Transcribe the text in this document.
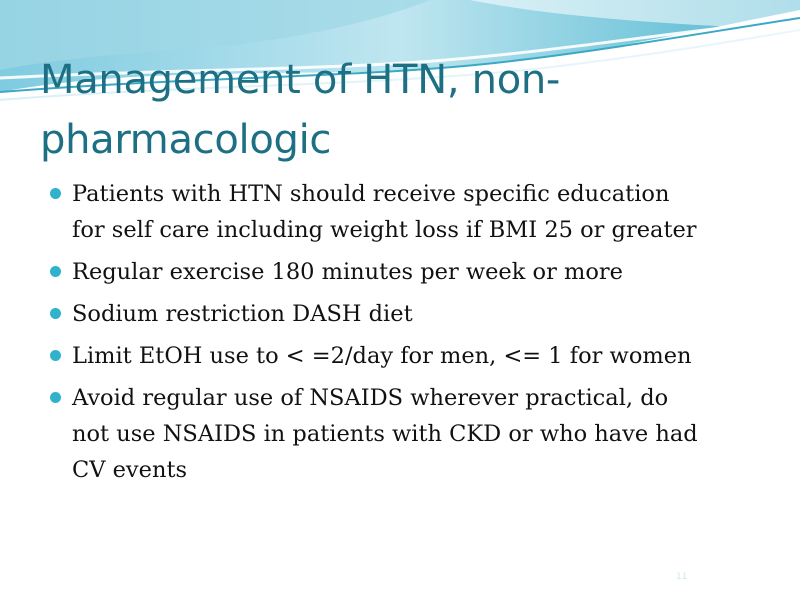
Management of HTN, non-
pharmacologic
Patients with HTN should receive specific education
for self care including weight loss if BMI 25 or greater
Regular exercise 180 minutes per week or more
Sodium restriction DASH diet
Limit EtOH use to < =2/day for men, <= 1 for women
Avoid regular use of NSAIDS wherever practical, do
not use NSAIDS in patients with CKD or who have had
CV events
11
